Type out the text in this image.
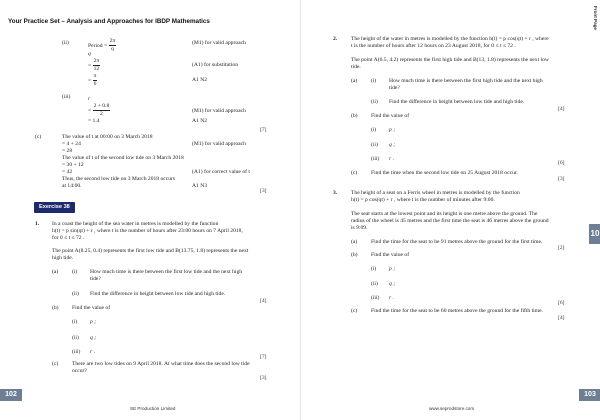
Your Practice Set – Analysis and Approaches for IBDP Mathematics
(ii)	Period = $\frac{2\pi}{q}$	(M1) for valid approach
q
= $\frac{2\pi}{12}$	(A1) for substitution
= $\frac{\pi}{6}$	A1 N2
(iii)	r
= $\frac{2 + 0.8}{2}$	(M1) for valid approach
= 1.4	A1 N2
[7]
(c)	The value of t at 00:00 on 3 March 2018
= 4 + 24	(M1) for valid approach
= 28
The value of t of the second low tide on 3 March 2018
= 30 + 12
= 42	(A1) for correct value of t
Thus, the second low tide on 3 March 2018 occurs
at 14:00.	A1 N3
[3]
Exercise 38
1. In a coast the height of the sea water in metres is modelled by the function
h(t) = p sin(qt) + r , where t is the number of hours after 23:00 hours on 7 April 2018,
for 0 ≤ t ≤ 72 .
The point A(8.25, 0.4) represents the first low tide and B(13.75, 1.8) represents the next
high tide.
(a) (i) How much time is there between the first low tide and the next high
tide?
(ii) Find the difference in height between low tide and high tide.
[4]
(b) Find the value of
(i) p ;
(ii) q ;
(iii) r .
[7]
(c) There are two low tides on 9 April 2018. At what time does the second low tide
occur?
[3]
102
SE Production Limited
Front Page
2. The height of the water in metres is modelled by the function h(t) = p cos(qt) + r , where
t is the number of hours after 12 hours on 23 August 2018, for 0 ≤ t ≤ 72 .
The point A(6.5, 4.2) represents the first high tide and B(13, 1.8) represents the next low
tide.
(a) (i) How much time is there between the first high tide and the next high
tide?
(ii) Find the difference in height between low tide and high tide.
[4]
(b) Find the value of
(i) p ;
(ii) q ;
(iii) r .
[6]
(c) Find the time when the second low tide on 25 August 2018 occur.
[3]
3. The height of a seat on a Ferris wheel in metres is modelled by the function
h(t) = p cos(qt) + r , where t is the number of minutes after 9:00.
The seat starts at the lowest point and its height is one metre above the ground. The
radius of the wheel is 45 metres and the first time the seat is 46 metres above the ground
is 9:09.
(a) Find the time for the seat to be 91 metres above the ground for the first time.
[2]
(b) Find the value of
(i) p ;
(ii) q ;
(iii) r .
[6]
(c) Find the time for the seat to be 60 metres above the ground for the fifth time.
[4]
10
103
www.seprodstore.com
